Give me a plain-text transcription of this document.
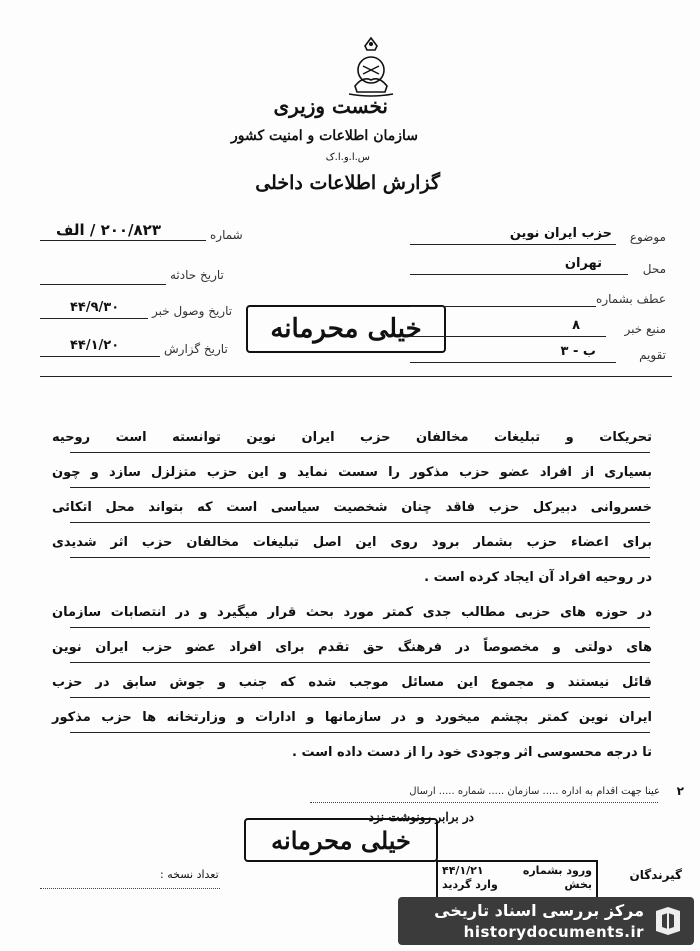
نخست وزیری
سازمان اطلاعات و امنیت کشور
س.ا.و.ا.ک
گزارش اطلاعات داخلی
شماره
۲۰۰/۸۲۳ / الف
تاریخ حادثه
تاریخ وصول خبر
۴۴/۹/۳۰
تاریخ گزارش
۴۴/۱/۲۰
خیلی محرمانه
موضوع
حزب ایران نوین
محل
تهران
عطف بشماره
منبع خبر
۸
تقویم
ب - ۳
تحریکات و تبلیغات مخالفان حزب ایران نوین توانسته است روحیه
بسیاری از افراد عضو حزب مذکور را سست نماید و این حزب متزلزل سازد و چون
خسروانی دبیرکل حزب فاقد چنان شخصیت سیاسی است که بتواند محل اتکائی
برای اعضاء حزب بشمار برود روی این اصل تبلیغات مخالفان حزب اثر شدیدی
در روحیه افراد آن ایجاد کرده است .
در حوزه های حزبی مطالب جدی کمتر مورد بحث قرار میگیرد و در انتصابات سازمان
های دولتی و مخصوصاً در فرهنگ حق تقدم برای افراد عضو حزب ایران نوین
قائل نیستند و مجموع این مسائل موجب شده که جنب و جوش سابق در حزب
ایران نوین کمتر بچشم میخورد و در سازمانها و ادارات و وزارتخانه ها حزب مذکور
تا درجه محسوسی اثر وجودی خود را از دست داده است .
۲
عینا جهت اقدام به اداره ..... سازمان ..... شماره ..... ارسال
در برابر رونوشت نزد
خیلی محرمانه
ورود بشماره
۴۴/۱/۲۱
بخش
وارد گردید
گیرندگان
تعداد نسخه :
مرکز بررسی اسناد تاریخی
historydocuments.ir
